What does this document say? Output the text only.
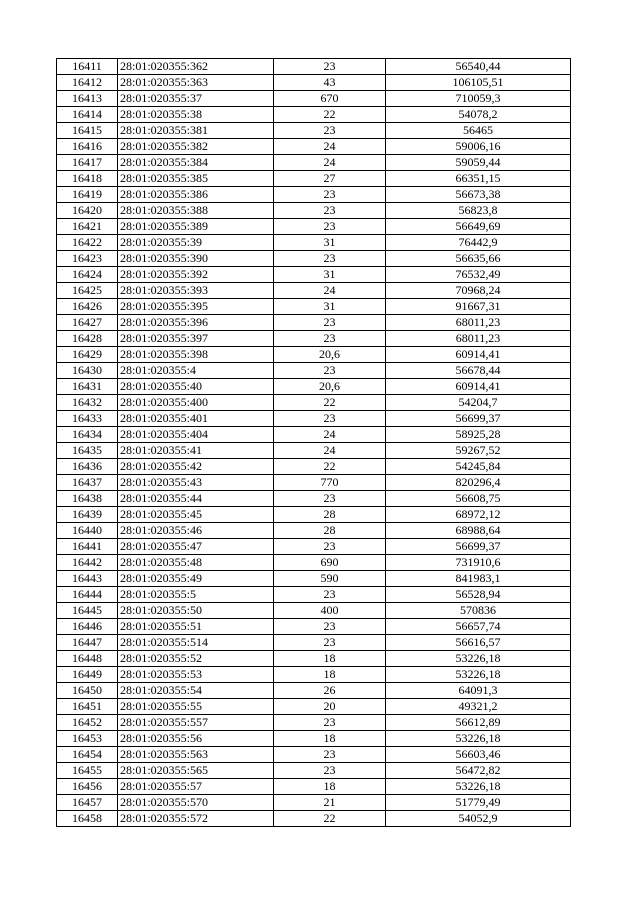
16411	28:01:020355:362	23	56540,44
16412	28:01:020355:363	43	106105,51
16413	28:01:020355:37	670	710059,3
16414	28:01:020355:38	22	54078,2
16415	28:01:020355:381	23	56465
16416	28:01:020355:382	24	59006,16
16417	28:01:020355:384	24	59059,44
16418	28:01:020355:385	27	66351,15
16419	28:01:020355:386	23	56673,38
16420	28:01:020355:388	23	56823,8
16421	28:01:020355:389	23	56649,69
16422	28:01:020355:39	31	76442,9
16423	28:01:020355:390	23	56635,66
16424	28:01:020355:392	31	76532,49
16425	28:01:020355:393	24	70968,24
16426	28:01:020355:395	31	91667,31
16427	28:01:020355:396	23	68011,23
16428	28:01:020355:397	23	68011,23
16429	28:01:020355:398	20,6	60914,41
16430	28:01:020355:4	23	56678,44
16431	28:01:020355:40	20,6	60914,41
16432	28:01:020355:400	22	54204,7
16433	28:01:020355:401	23	56699,37
16434	28:01:020355:404	24	58925,28
16435	28:01:020355:41	24	59267,52
16436	28:01:020355:42	22	54245,84
16437	28:01:020355:43	770	820296,4
16438	28:01:020355:44	23	56608,75
16439	28:01:020355:45	28	68972,12
16440	28:01:020355:46	28	68988,64
16441	28:01:020355:47	23	56699,37
16442	28:01:020355:48	690	731910,6
16443	28:01:020355:49	590	841983,1
16444	28:01:020355:5	23	56528,94
16445	28:01:020355:50	400	570836
16446	28:01:020355:51	23	56657,74
16447	28:01:020355:514	23	56616,57
16448	28:01:020355:52	18	53226,18
16449	28:01:020355:53	18	53226,18
16450	28:01:020355:54	26	64091,3
16451	28:01:020355:55	20	49321,2
16452	28:01:020355:557	23	56612,89
16453	28:01:020355:56	18	53226,18
16454	28:01:020355:563	23	56603,46
16455	28:01:020355:565	23	56472,82
16456	28:01:020355:57	18	53226,18
16457	28:01:020355:570	21	51779,49
16458	28:01:020355:572	22	54052,9
